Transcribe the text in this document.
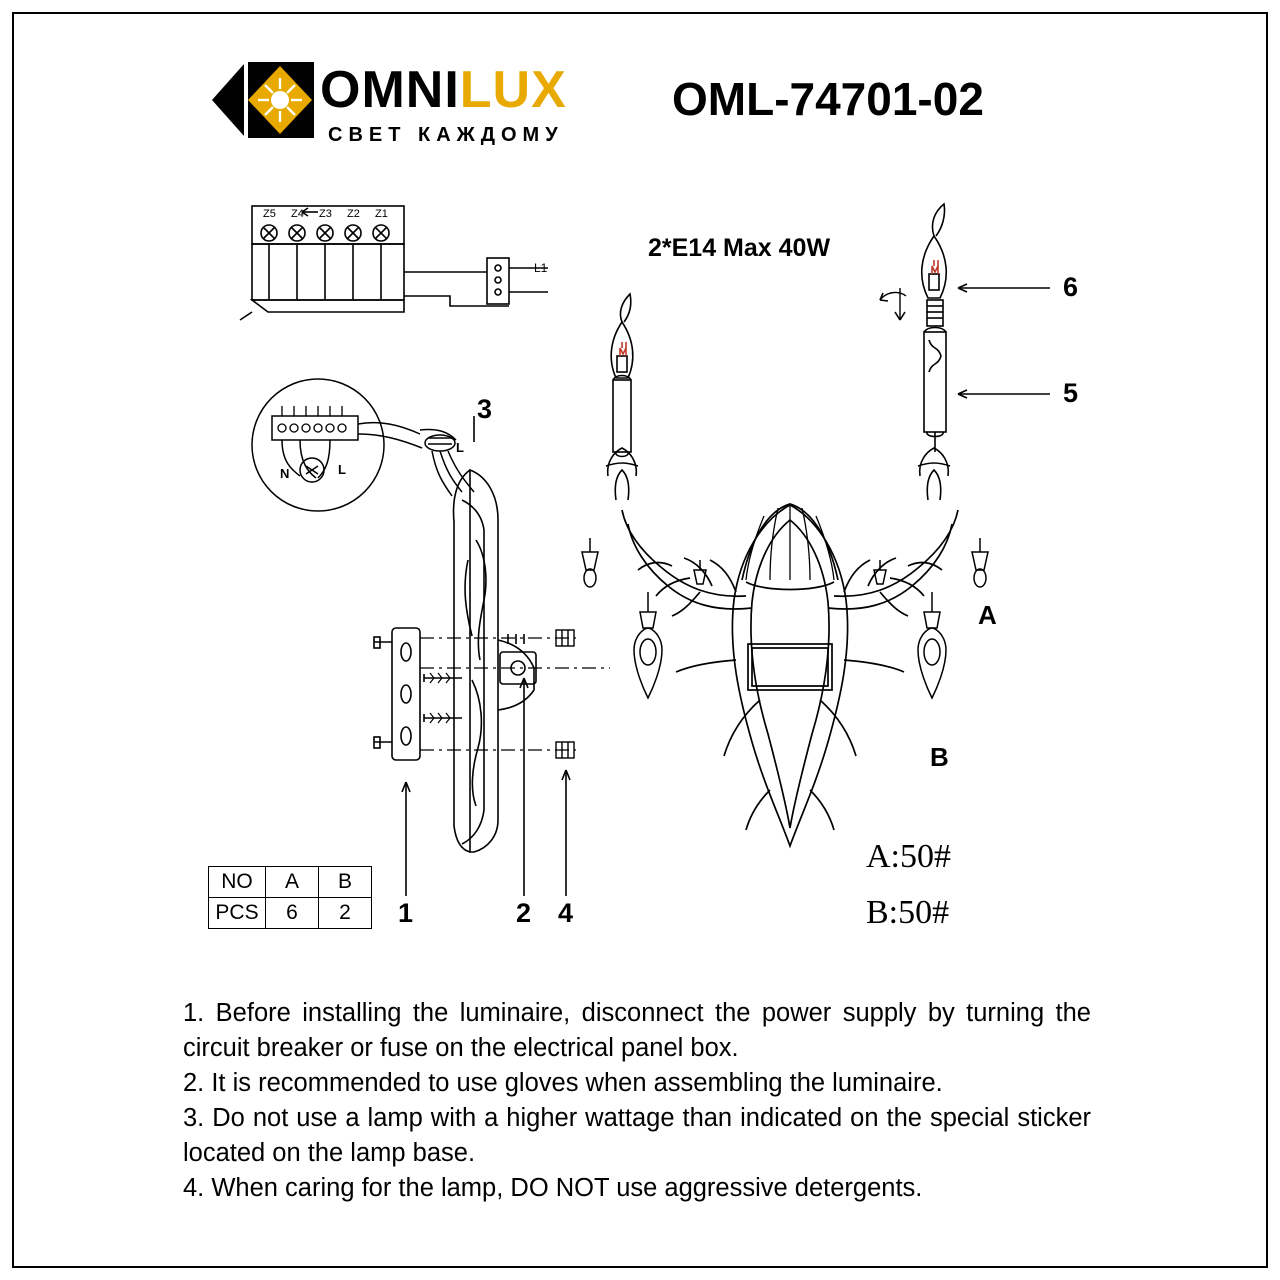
OMNILUX
СВЕТ КАЖДОМУ
OML-74701-02
Z5 Z4 Z3 Z2 Z1
L1
N	L
L
2*E14 Max 40W
6
5
3
1	2 4
A
B
A:50#
B:50#
NO	A	B
PCS	6	2

1. Before installing the luminaire, disconnect the power supply by turning the circuit breaker or fuse on the electrical panel box.

2. It is recommended to use gloves when assembling the luminaire.

3. Do not use a lamp with a higher wattage than indicated on the special sticker located on the lamp base.

4. When caring for the lamp, DO NOT use aggressive detergents.
